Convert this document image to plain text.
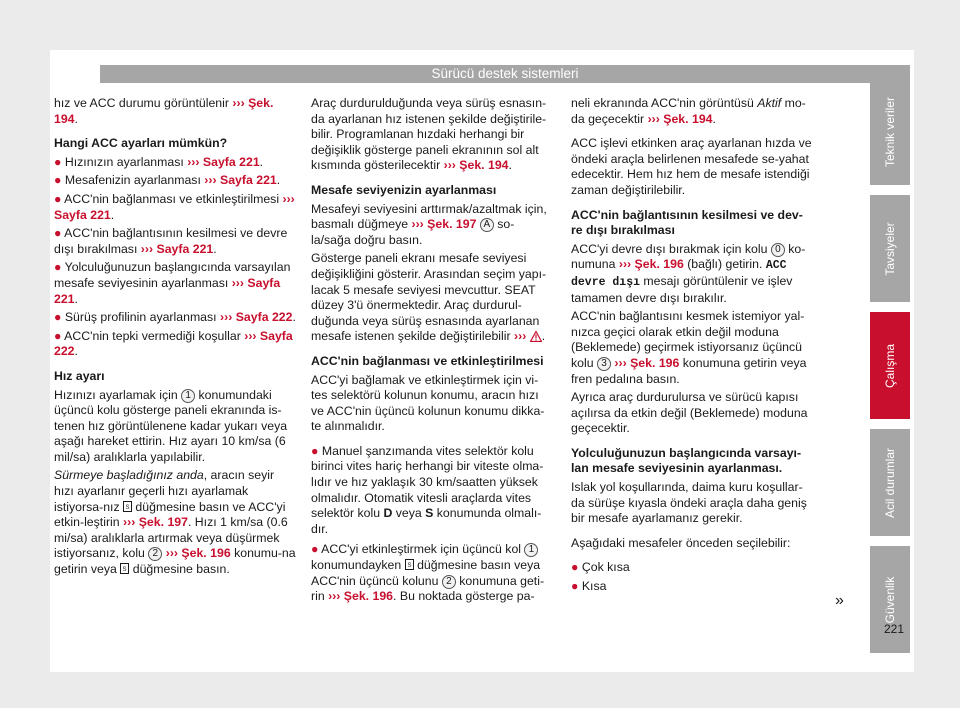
Sürücü destek sistemleri

hız ve ACC durumu görüntülenir ››› Şek. 194.

Hangi ACC ayarları mümkün?

● Hızınızın ayarlanması ››› Sayfa 221.

● Mesafenizin ayarlanması ››› Sayfa 221.

● ACC'nin bağlanması ve etkinleştirilmesi ››› Sayfa 221.

● ACC'nin bağlantısının kesilmesi ve devre dışı bırakılması ››› Sayfa 221.

● Yolculuğunuzun başlangıcında varsayılan mesafe seviyesinin ayarlanması ››› Sayfa 221.

● Sürüş profilinin ayarlanması ››› Sayfa 222.

● ACC'nin tepki vermediği koşullar ››› Sayfa 222.

Hız ayarı

Hızınızı ayarlamak için 1 konumundaki üçüncü kolu gösterge paneli ekranında is-tenen hız görüntülenene kadar yukarı veya aşağı hareket ettirin. Hız ayarı 10 km/sa (6 mil/sa) aralıklarla yapılabilir.

Sürmeye başladığınız anda, aracın seyir hızı ayarlanır geçerli hızı ayarlamak istiyorsa-nız S düğmesine basın ve ACC'yi etkin-leştirin ››› Şek. 197. Hızı 1 km/sa (0.6 mi/sa) aralıklarla artırmak veya düşürmek istiyorsanız, kolu 2 ››› Şek. 196 konumu-na getirin veya S düğmesine basın.

Araç durdurulduğunda veya sürüş esnasın-da ayarlanan hız istenen şekilde değiştirile-bilir. Programlanan hızdaki herhangi bir değişiklik gösterge paneli ekranının sol alt kısmında gösterilecektir ››› Şek. 194.

Mesafe seviyenizin ayarlanması

Mesafeyi seviyesini arttırmak/azaltmak için, basmalı düğmeye ››› Şek. 197 A so-la/sağa doğru basın.

Gösterge paneli ekranı mesafe seviyesi değişikliğini gösterir. Arasından seçim yapı-lacak 5 mesafe seviyesi mevcuttur. SEAT düzey 3'ü önermektedir. Araç durdurul-duğunda veya sürüş esnasında ayarlanan mesafe istenen şekilde değiştirilebilir ››› .

ACC'nin bağlanması ve etkinleştirilmesi

ACC'yi bağlamak ve etkinleştirmek için vi-tes selektörü kolunun konumu, aracın hızı ve ACC'nin üçüncü kolunun konumu dikka-te alınmalıdır.

● Manuel şanzımanda vites selektör kolu birinci vites hariç herhangi bir viteste olma-lıdır ve hız yaklaşık 30 km/saatten yüksek olmalıdır. Otomatik vitesli araçlarda vites selektör kolu D veya S konumunda olmalı-dır.

● ACC'yi etkinleştirmek için üçüncü kol 1 konumundayken S düğmesine basın veya ACC'nin üçüncü kolunu 2 konumuna geti-rin ››› Şek. 196. Bu noktada gösterge pa-

neli ekranında ACC'nin görüntüsü Aktif mo-da geçecektir ››› Şek. 194.

ACC işlevi etkinken araç ayarlanan hızda ve öndeki araçla belirlenen mesafede se-yahat edecektir. Hem hız hem de mesafe istendiği zaman değiştirilebilir.

ACC'nin bağlantısının kesilmesi ve dev-re dışı bırakılması

ACC'yi devre dışı bırakmak için kolu 0 ko-numuna ››› Şek. 196 (bağlı) getirin. ACC devre dışı mesajı görüntülenir ve işlev tamamen devre dışı bırakılır.

ACC'nin bağlantısını kesmek istemiyor yal-nızca geçici olarak etkin değil moduna (Beklemede) geçirmek istiyorsanız üçüncü kolu 3 ››› Şek. 196 konumuna getirin veya fren pedalına basın.

Ayrıca araç durdurulursa ve sürücü kapısı açılırsa da etkin değil (Beklemede) moduna geçecektir.

Yolculuğunuzun başlangıcında varsayı-lan mesafe seviyesinin ayarlanması.

Islak yol koşullarında, daima kuru koşullar-da sürüşe kıyasla öndeki araçla daha geniş bir mesafe ayarlamanız gerekir.

Aşağıdaki mesafeler önceden seçilebilir:

● Çok kısa

● Kısa

»
Teknik veriler
Tavsiyeler
Çalışma
Acil durumlar
Güvenlik
221
